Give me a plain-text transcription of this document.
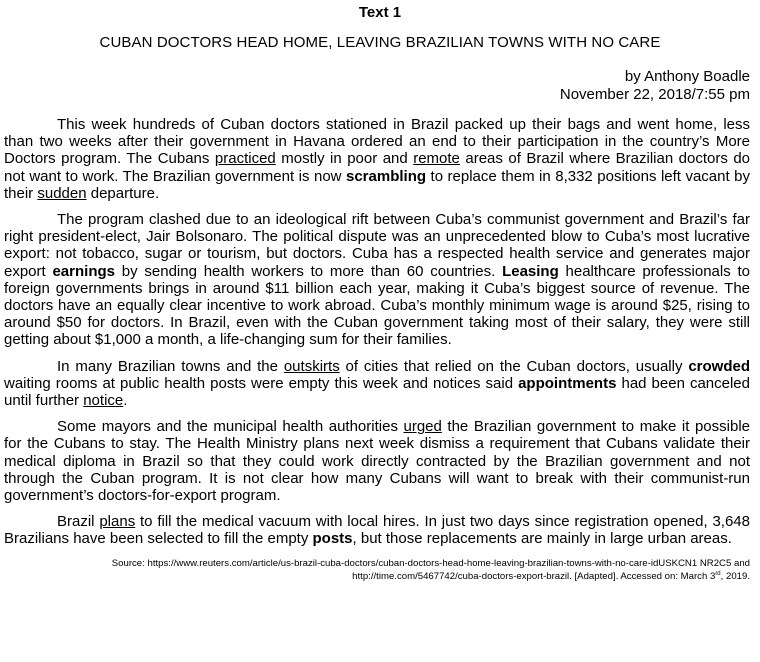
Text 1

CUBAN DOCTORS HEAD HOME, LEAVING BRAZILIAN TOWNS WITH NO CARE

by Anthony Boadle
November 22, 2018/7:55 pm

This week hundreds of Cuban doctors stationed in Brazil packed up their bags and went home, less than two weeks after their government in Havana ordered an end to their participation in the country’s More Doctors program. The Cubans practiced mostly in poor and remote areas of Brazil where Brazilian doctors do not want to work. The Brazilian government is now scrambling to replace them in 8,332 positions left vacant by their sudden departure.

The program clashed due to an ideological rift between Cuba’s communist government and Brazil’s far right president-elect, Jair Bolsonaro. The political dispute was an unprecedented blow to Cuba’s most lucrative export: not tobacco, sugar or tourism, but doctors. Cuba has a respected health service and generates major export earnings by sending health workers to more than 60 countries. Leasing healthcare professionals to foreign governments brings in around $11 billion each year, making it Cuba’s biggest source of revenue. The doctors have an equally clear incentive to work abroad. Cuba’s monthly minimum wage is around $25, rising to around $50 for doctors. In Brazil, even with the Cuban government taking most of their salary, they were still getting about $1,000 a month, a life-changing sum for their families.

In many Brazilian towns and the outskirts of cities that relied on the Cuban doctors, usually crowded waiting rooms at public health posts were empty this week and notices said appointments had been canceled until further notice.

Some mayors and the municipal health authorities urged the Brazilian government to make it possible for the Cubans to stay. The Health Ministry plans next week dismiss a requirement that Cubans validate their medical diploma in Brazil so that they could work directly contracted by the Brazilian government and not through the Cuban program. It is not clear how many Cubans will want to break with their communist-run government’s doctors-for-export program.

Brazil plans to fill the medical vacuum with local hires. In just two days since registration opened, 3,648 Brazilians have been selected to fill the empty posts, but those replacements are mainly in large urban areas.

Source: https://www.reuters.com/article/us-brazil-cuba-doctors/cuban-doctors-head-home-leaving-brazilian-towns-with-no-care-idUSKCN1 NR2C5 and http://time.com/5467742/cuba-doctors-export-brazil. [Adapted]. Accessed on: March 3rd, 2019.
